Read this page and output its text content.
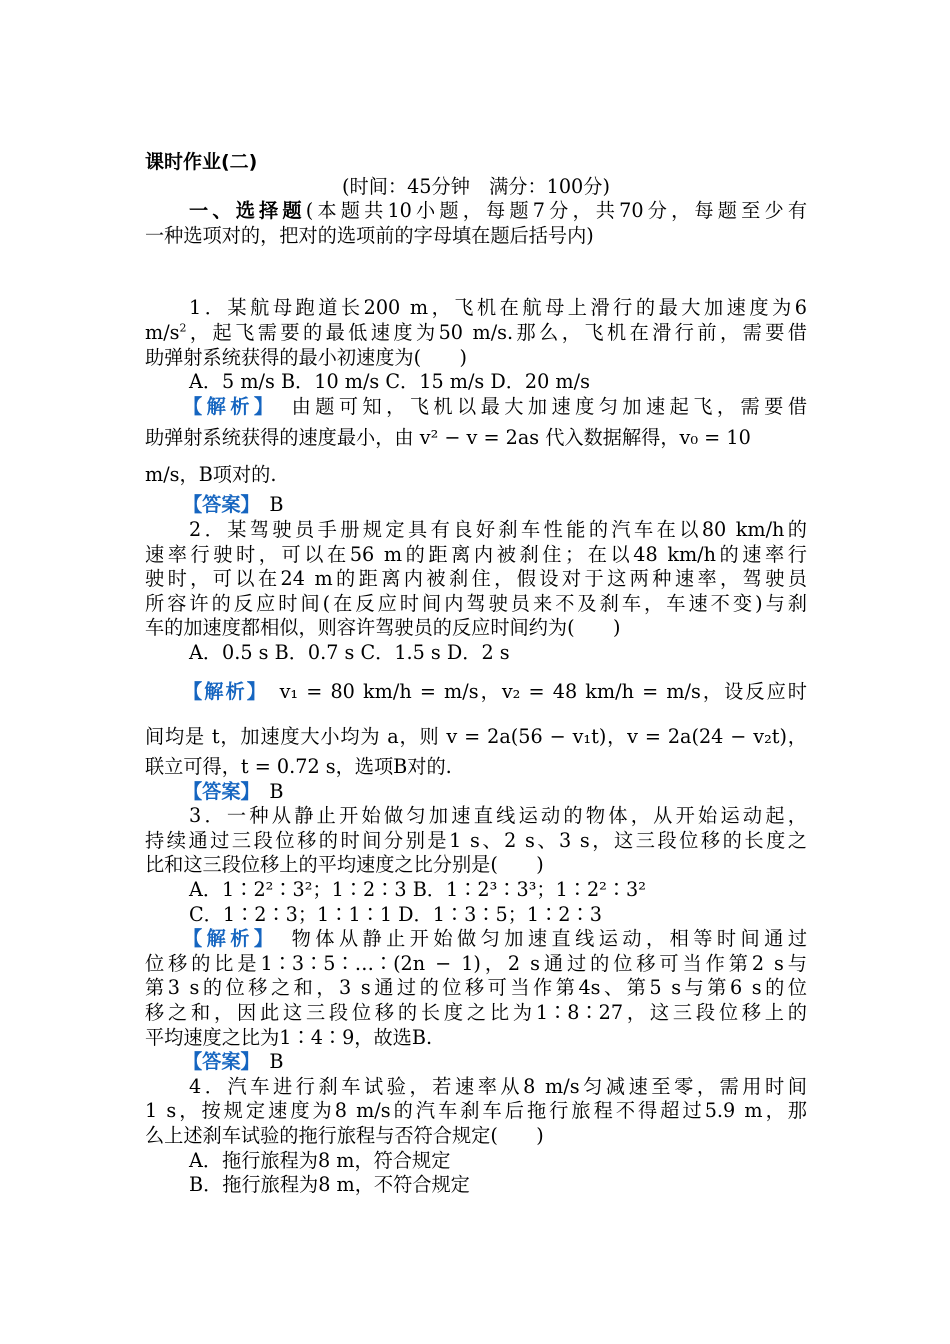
课时作业(二)
(时间：45分钟　满分：100分)
一、选择题(本题共10小题，每题7分，共70分，每题至少有
一种选项对的，把对的选项前的字母填在题后括号内)
1．某航母跑道长200 m，飞机在航母上滑行的最大加速度为6
$m/s^2$，起飞需要的最低速度为50 m/s.那么，飞机在滑行前，需要借
助弹射系统获得的最小初速度为(　　)
A．5 m/s B．10 m/s C．15 m/s D．20 m/s
【解析】　由题可知，飞机以最大加速度匀加速起飞，需要借
助弹射系统获得的速度最小，由 v² − v = 2as 代入数据解得，v₀ = 10
m/s，B项对的.
【答案】　B
2．某驾驶员手册规定具有良好刹车性能的汽车在以80 km/h的
速率行驶时，可以在56 m的距离内被刹住；在以48 km/h的速率行
驶时，可以在24 m的距离内被刹住，假设对于这两种速率，驾驶员
所容许的反应时间(在反应时间内驾驶员来不及刹车，车速不变)与刹
车的加速度都相似，则容许驾驶员的反应时间约为(　　)
A．0.5 s B．0.7 s C．1.5 s D．2 s
【解析】　v₁ = 80 km/h = m/s，v₂ = 48 km/h = m/s，设反应时
间均是 t，加速度大小均为 a，则 v = 2a(56 − v₁t)，v = 2a(24 − v₂t)，
联立可得，t = 0.72 s，选项B对的.
【答案】　B
3．一种从静止开始做匀加速直线运动的物体，从开始运动起，
持续通过三段位移的时间分别是1 s、2 s、3 s，这三段位移的长度之
比和这三段位移上的平均速度之比分别是(　　)
A．1∶2²∶3²；1∶2∶3 B．1∶2³∶3³；1∶2²∶3²
C．1∶2∶3；1∶1∶1 D．1∶3∶5；1∶2∶3
【解析】　物体从静止开始做匀加速直线运动，相等时间通过
位移的比是1∶3∶5∶…∶(2n − 1)，2 s通过的位移可当作第2 s与
第3 s的位移之和，3 s通过的位移可当作第4s、第5 s与第6 s的位
移之和，因此这三段位移的长度之比为1∶8∶27，这三段位移上的
平均速度之比为1∶4∶9，故选B.
【答案】　B
4．汽车进行刹车试验，若速率从8 m/s匀减速至零，需用时间
1 s，按规定速度为8 m/s的汽车刹车后拖行旅程不得超过5.9 m，那
么上述刹车试验的拖行旅程与否符合规定(　　)
A．拖行旅程为8 m，符合规定
B．拖行旅程为8 m，不符合规定
